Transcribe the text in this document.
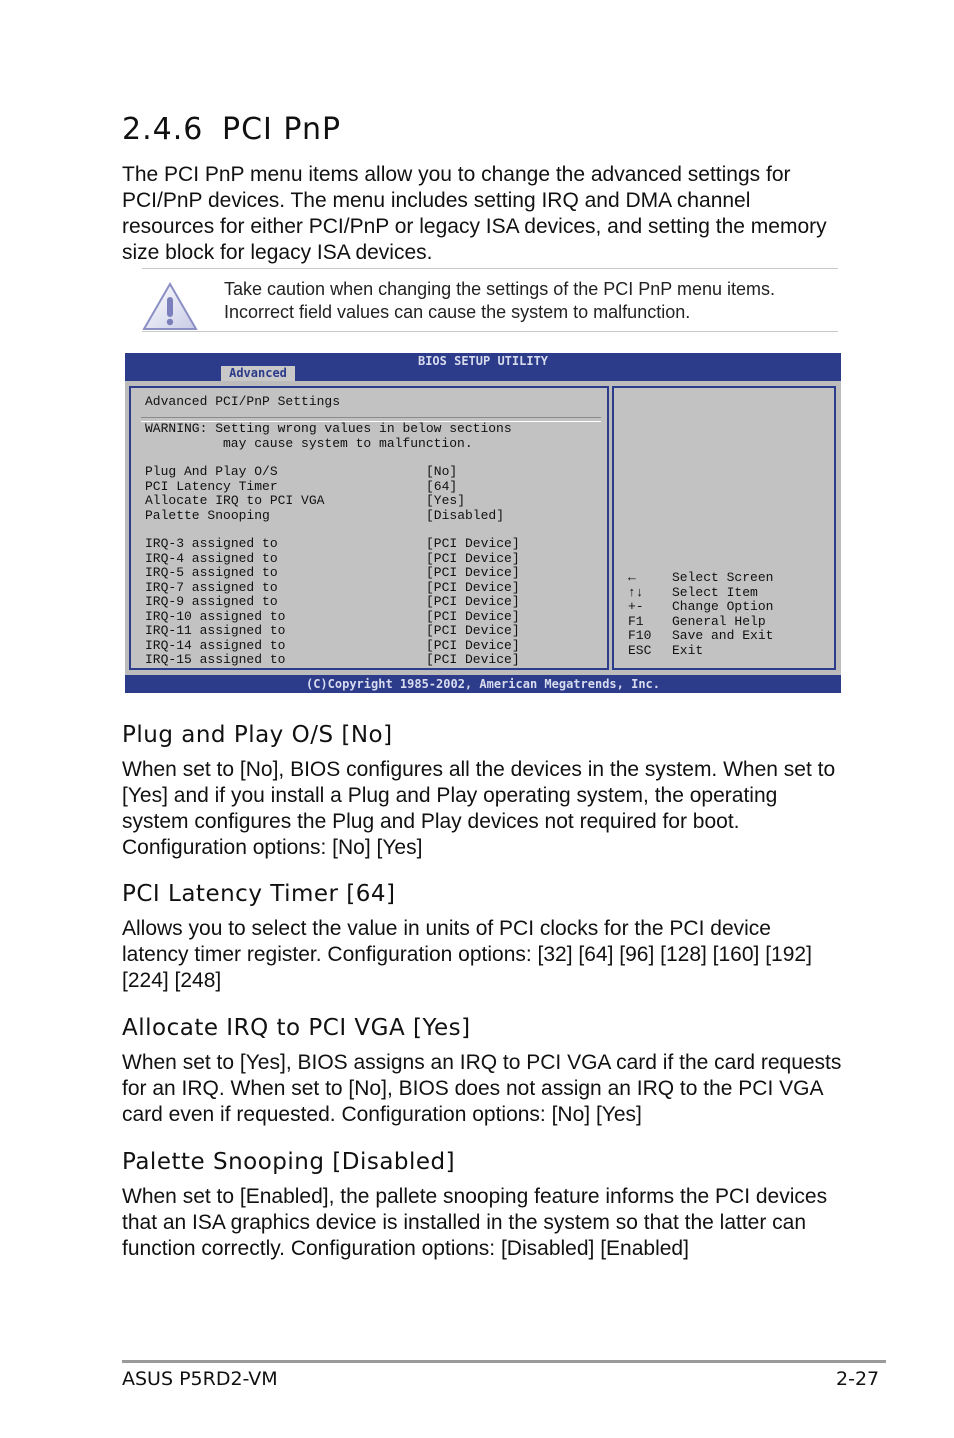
2.4.6 PCI PnP
The PCI PnP menu items allow you to change the advanced settings for PCI/PnP devices. The menu includes setting IRQ and DMA channel resources for either PCI/PnP or legacy ISA devices, and setting the memory size block for legacy ISA devices.
Take caution when changing the settings of the PCI PnP menu items.
Incorrect field values can cause the system to malfunction.
BIOS SETUP UTILITY
Advanced
Advanced PCI/PnP Settings
WARNING: Setting wrong values in below sections
may cause system to malfunction.
Plug And Play O/S	[No]
PCI Latency Timer	[64]
Allocate IRQ to PCI VGA	[Yes]
Palette Snooping	[Disabled]
IRQ-3 assigned to	[PCI Device]
IRQ-4 assigned to	[PCI Device]
IRQ-5 assigned to	[PCI Device]
IRQ-7 assigned to	[PCI Device]
IRQ-9 assigned to	[PCI Device]
IRQ-10 assigned to	[PCI Device]
IRQ-11 assigned to	[PCI Device]
IRQ-14 assigned to	[PCI Device]
IRQ-15 assigned to	[PCI Device]
←	Select Screen
↑↓ Select Item
+- Change Option
F1 General Help
F10 Save and Exit
ESC Exit
(C)Copyright 1985-2002, American Megatrends, Inc.
Plug and Play O/S [No]
When set to [No], BIOS configures all the devices in the system. When set to [Yes] and if you install a Plug and Play operating system, the operating system configures the Plug and Play devices not required for boot. Configuration options: [No] [Yes]
PCI Latency Timer [64]
Allows you to select the value in units of PCI clocks for the PCI device latency timer register. Configuration options: [32] [64] [96] [128] [160] [192] [224] [248]
Allocate IRQ to PCI VGA [Yes]
When set to [Yes], BIOS assigns an IRQ to PCI VGA card if the card requests for an IRQ. When set to [No], BIOS does not assign an IRQ to the PCI VGA card even if requested. Configuration options: [No] [Yes]
Palette Snooping [Disabled]
When set to [Enabled], the pallete snooping feature informs the PCI devices that an ISA graphics device is installed in the system so that the latter can function correctly. Configuration options: [Disabled] [Enabled]
ASUS P5RD2-VM	2-27
